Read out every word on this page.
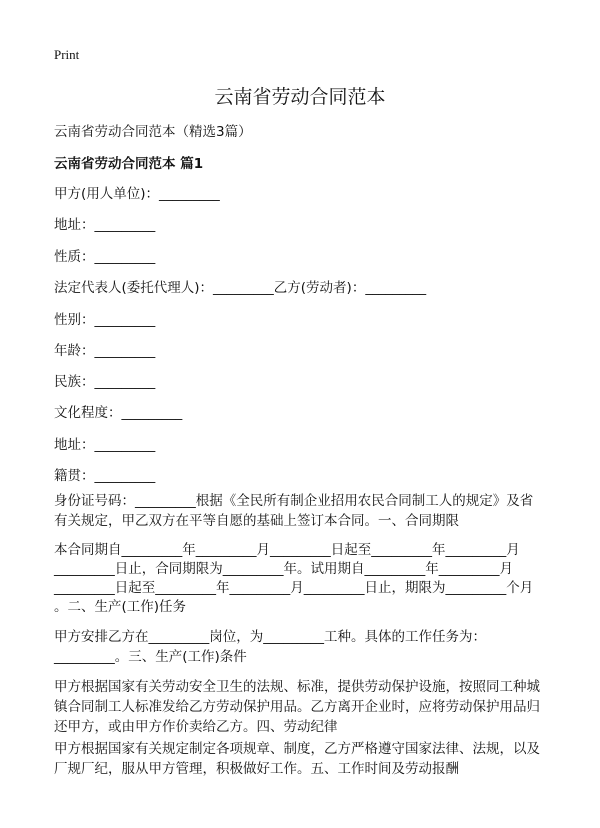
Print
云南省劳动合同范本
云南省劳动合同范本（精选3篇）
云南省劳动合同范本 篇1
甲方(用人单位)：_________
地址：_________
性质：_________
法定代表人(委托代理人)：_________乙方(劳动者)：_________
性别：_________
年龄：_________
民族：_________
文化程度：_________
地址：_________
籍贯：_________
身份证号码：_________根据《全民所有制企业招用农民合同制工人的规定》及省
有关规定，甲乙双方在平等自愿的基础上签订本合同。一、合同期限
本合同期自_________年_________月_________日起至_________年_________月
_________日止，合同期限为_________年。试用期自_________年_________月
_________日起至_________年_________月_________日止，期限为_________个月
。二、生产(工作)任务
甲方安排乙方在_________岗位，为_________工种。具体的工作任务为：
_________。三、生产(工作)条件
甲方根据国家有关劳动安全卫生的法规、标准，提供劳动保护设施，按照同工种城
镇合同制工人标准发给乙方劳动保护用品。乙方离开企业时，应将劳动保护用品归
还甲方，或由甲方作价卖给乙方。四、劳动纪律
甲方根据国家有关规定制定各项规章、制度，乙方严格遵守国家法律、法规，以及
厂规厂纪，服从甲方管理，积极做好工作。五、工作时间及劳动报酬
